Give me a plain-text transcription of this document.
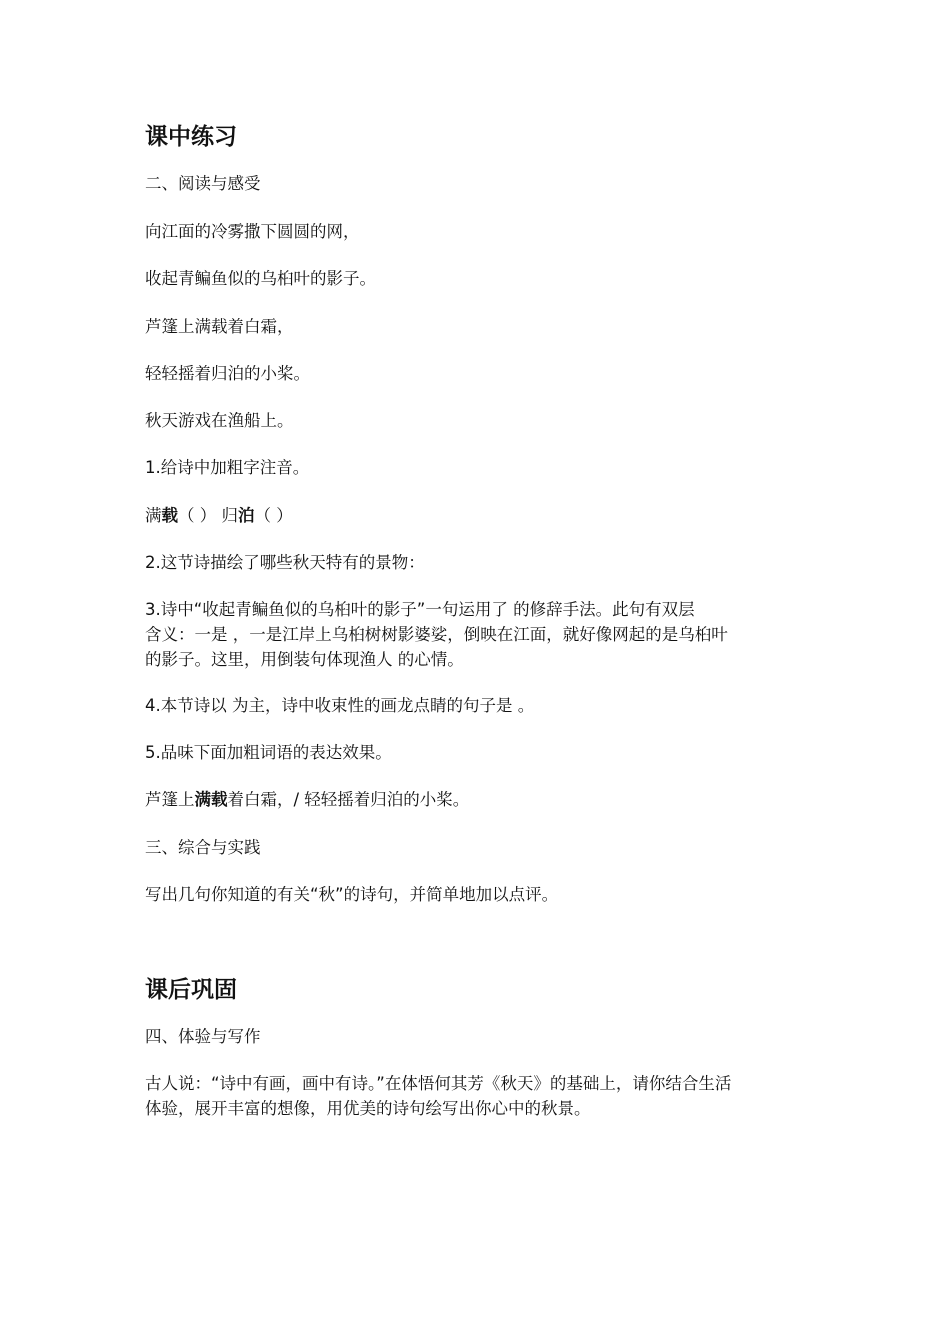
课中练习
二、阅读与感受
向江面的冷雾撒下圆圆的网，
收起青鳊鱼似的乌桕叶的影子。
芦篷上满载着白霜，
轻轻摇着归泊的小桨。
秋天游戏在渔船上。
1.给诗中加粗字注音。
满载（ ） 归泊（ ）
2.这节诗描绘了哪些秋天特有的景物：
3.诗中“收起青鳊鱼似的乌桕叶的影子”一句运用了 的修辞手法。此句有双层
含义：一是 ，一是江岸上乌桕树树影婆娑，倒映在江面，就好像网起的是乌桕叶
的影子。这里，用倒装句体现渔人 的心情。
4.本节诗以 为主，诗中收束性的画龙点睛的句子是 。
5.品味下面加粗词语的表达效果。
芦篷上满载着白霜，/ 轻轻摇着归泊的小桨。
三、综合与实践
写出几句你知道的有关“秋”的诗句，并简单地加以点评。
课后巩固
四、体验与写作
古人说：“诗中有画，画中有诗。”在体悟何其芳《秋天》的基础上，请你结合生活
体验，展开丰富的想像，用优美的诗句绘写出你心中的秋景。
